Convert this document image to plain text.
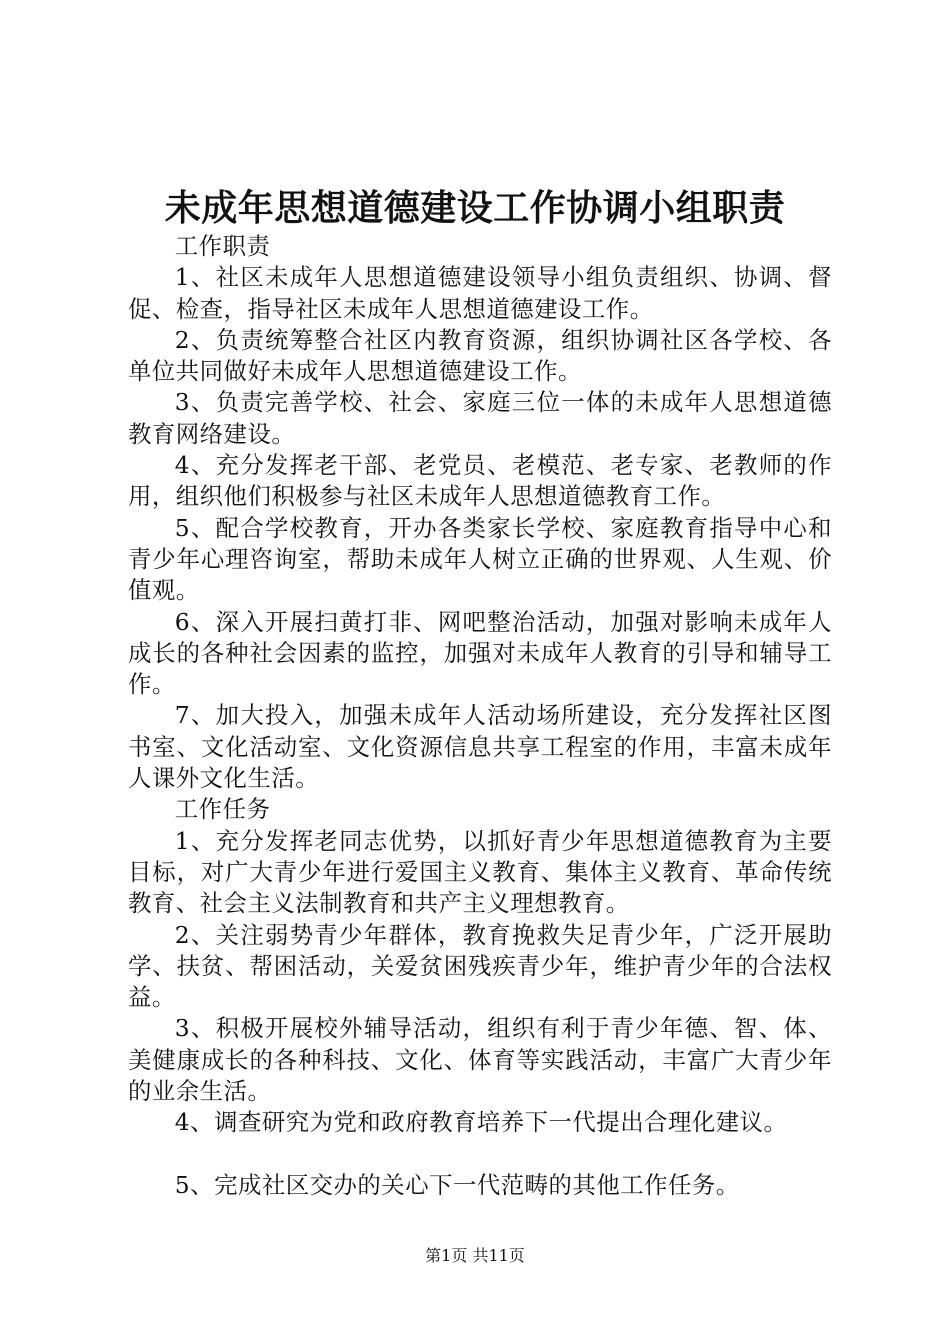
未成年思想道德建设工作协调小组职责

工作职责

1、社区未成年人思想道德建设领导小组负责组织、协调、督促、检查，指导社区未成年人思想道德建设工作。

2、负责统筹整合社区内教育资源，组织协调社区各学校、各单位共同做好未成年人思想道德建设工作。

3、负责完善学校、社会、家庭三位一体的未成年人思想道德教育网络建设。

4、充分发挥老干部、老党员、老模范、老专家、老教师的作用，组织他们积极参与社区未成年人思想道德教育工作。

5、配合学校教育，开办各类家长学校、家庭教育指导中心和青少年心理咨询室，帮助未成年人树立正确的世界观、人生观、价值观。

6、深入开展扫黄打非、网吧整治活动，加强对影响未成年人成长的各种社会因素的监控，加强对未成年人教育的引导和辅导工作。

7、加大投入，加强未成年人活动场所建设，充分发挥社区图书室、文化活动室、文化资源信息共享工程室的作用，丰富未成年人课外文化生活。

工作任务

1、充分发挥老同志优势，以抓好青少年思想道德教育为主要目标，对广大青少年进行爱国主义教育、集体主义教育、革命传统教育、社会主义法制教育和共产主义理想教育。

2、关注弱势青少年群体，教育挽救失足青少年，广泛开展助学、扶贫、帮困活动，关爱贫困残疾青少年，维护青少年的合法权益。

3、积极开展校外辅导活动，组织有利于青少年德、智、体、美健康成长的各种科技、文化、体育等实践活动，丰富广大青少年的业余生活。

4、调查研究为党和政府教育培养下一代提出合理化建议。

5、完成社区交办的关心下一代范畴的其他工作任务。

第1页 共11页
